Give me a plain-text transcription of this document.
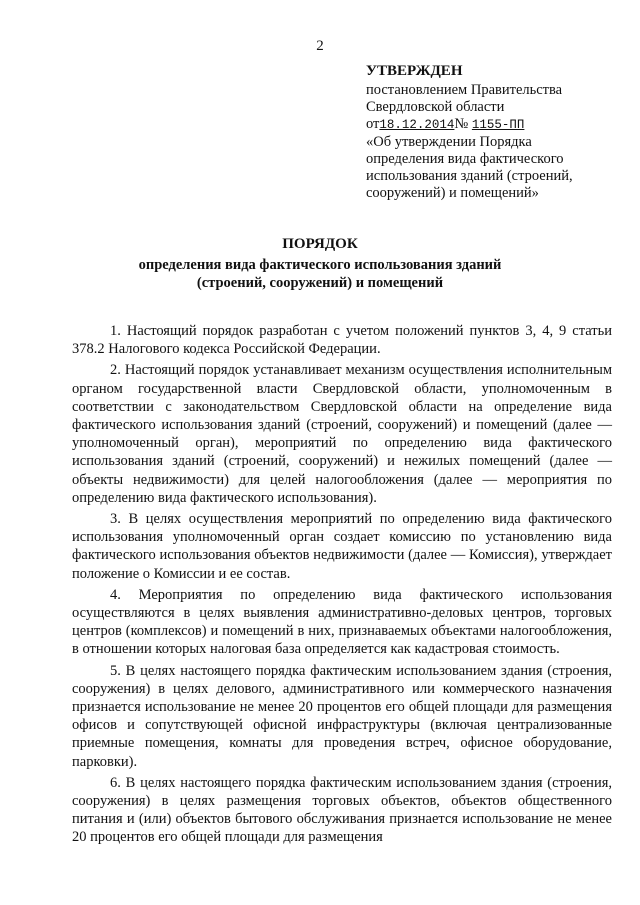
2
УТВЕРЖДЕН
постановлением Правительства
Свердловской области
от18.12.2014№ 1155-ПП
«Об утверждении Порядка определения вида фактического использования зданий (строений, сооружений) и помещений»
ПОРЯДОК
определения вида фактического использования зданий (строений, сооружений) и помещений

1. Настоящий порядок разработан с учетом положений пунктов 3, 4, 9 статьи 378.2 Налогового кодекса Российской Федерации.

2. Настоящий порядок устанавливает механизм осуществления исполнительным органом государственной власти Свердловской области, уполномоченным в соответствии с законодательством Свердловской области на определение вида фактического использования зданий (строений, сооружений) и помещений (далее — уполномоченный орган), мероприятий по определению вида фактического использования зданий (строений, сооружений) и нежилых помещений (далее — объекты недвижимости) для целей налогообложения (далее — мероприятия по определению вида фактического использования).

3. В целях осуществления мероприятий по определению вида фактического использования уполномоченный орган создает комиссию по установлению вида фактического использования объектов недвижимости (далее — Комиссия), утверждает положение о Комиссии и ее состав.

4. Мероприятия по определению вида фактического использования осуществляются в целях выявления административно-деловых центров, торговых центров (комплексов) и помещений в них, признаваемых объектами налогообложения, в отношении которых налоговая база определяется как кадастровая стоимость.

5. В целях настоящего порядка фактическим использованием здания (строения, сооружения) в целях делового, административного или коммерческого назначения признается использование не менее 20 процентов его общей площади для размещения офисов и сопутствующей офисной инфраструктуры (включая централизованные приемные помещения, комнаты для проведения встреч, офисное оборудование, парковки).

6. В целях настоящего порядка фактическим использованием здания (строения, сооружения) в целях размещения торговых объектов, объектов общественного питания и (или) объектов бытового обслуживания признается использование не менее 20 процентов его общей площади для размещения
